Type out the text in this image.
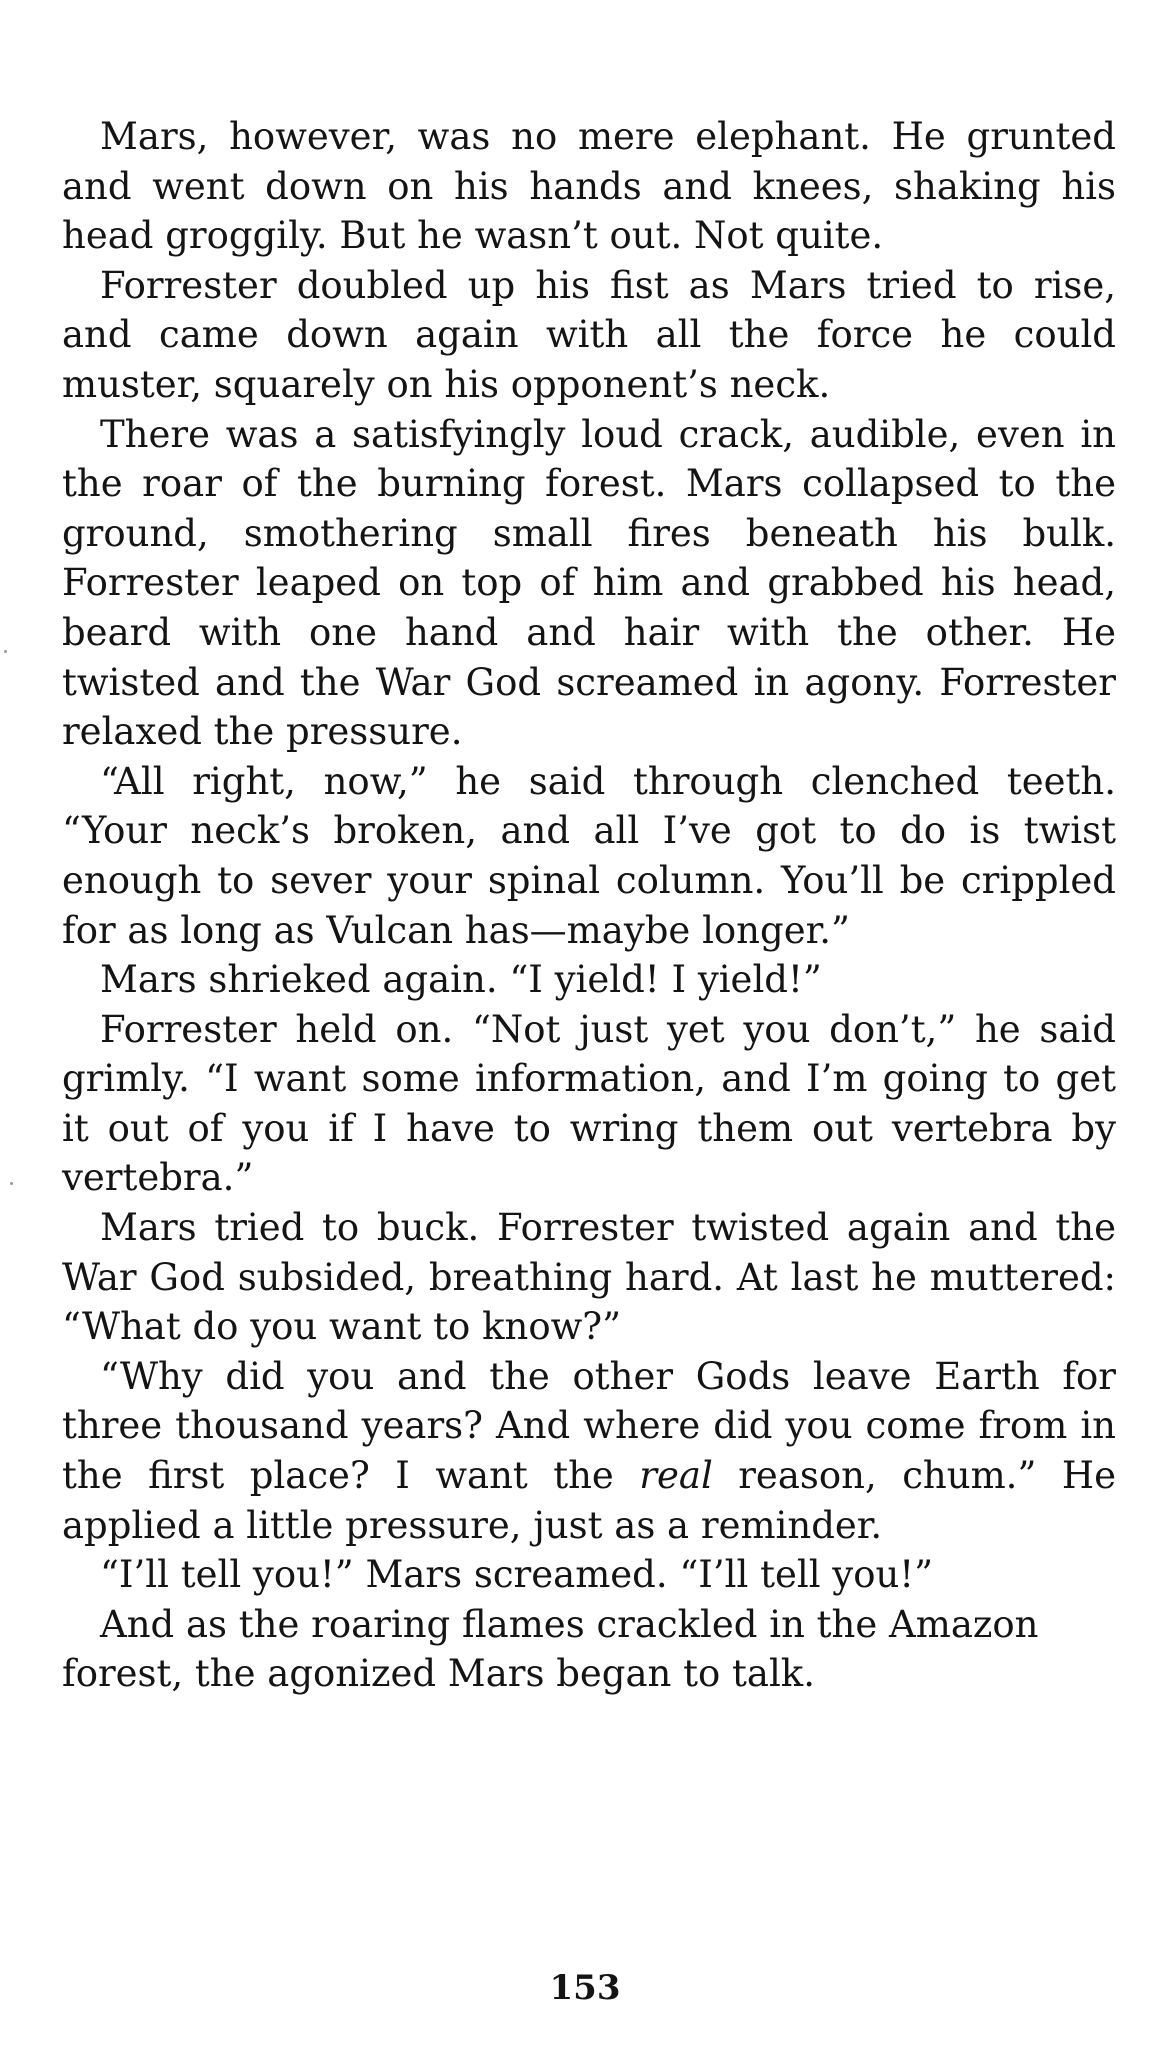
Mars, however, was no mere elephant. He grunted and went down on his hands and knees, shaking his head groggily. But he wasn’t out. Not quite.

Forrester doubled up his fist as Mars tried to rise, and came down again with all the force he could muster, squarely on his opponent’s neck.

There was a satisfyingly loud crack, audible, even in the roar of the burning forest. Mars collapsed to the ground, smothering small fires beneath his bulk. Forrester leaped on top of him and grabbed his head, beard with one hand and hair with the other. He twisted and the War God screamed in agony. Forrester relaxed the pressure.

“All right, now,” he said through clenched teeth. “Your neck’s broken, and all I’ve got to do is twist enough to sever your spinal column. You’ll be crippled for as long as Vulcan has—maybe longer.”

Mars shrieked again. “I yield! I yield!”

Forrester held on. “Not just yet you don’t,” he said grimly. “I want some information, and I’m going to get it out of you if I have to wring them out vertebra by vertebra.”

Mars tried to buck. Forrester twisted again and the War God subsided, breathing hard. At last he muttered: “What do you want to know?”

“Why did you and the other Gods leave Earth for three thousand years? And where did you come from in the first place? I want the real reason, chum.” He applied a little pressure, just as a reminder.

“I’ll tell you!” Mars screamed. “I’ll tell you!”

And as the roaring flames crackled in the Amazon forest, the agonized Mars began to talk.

153
